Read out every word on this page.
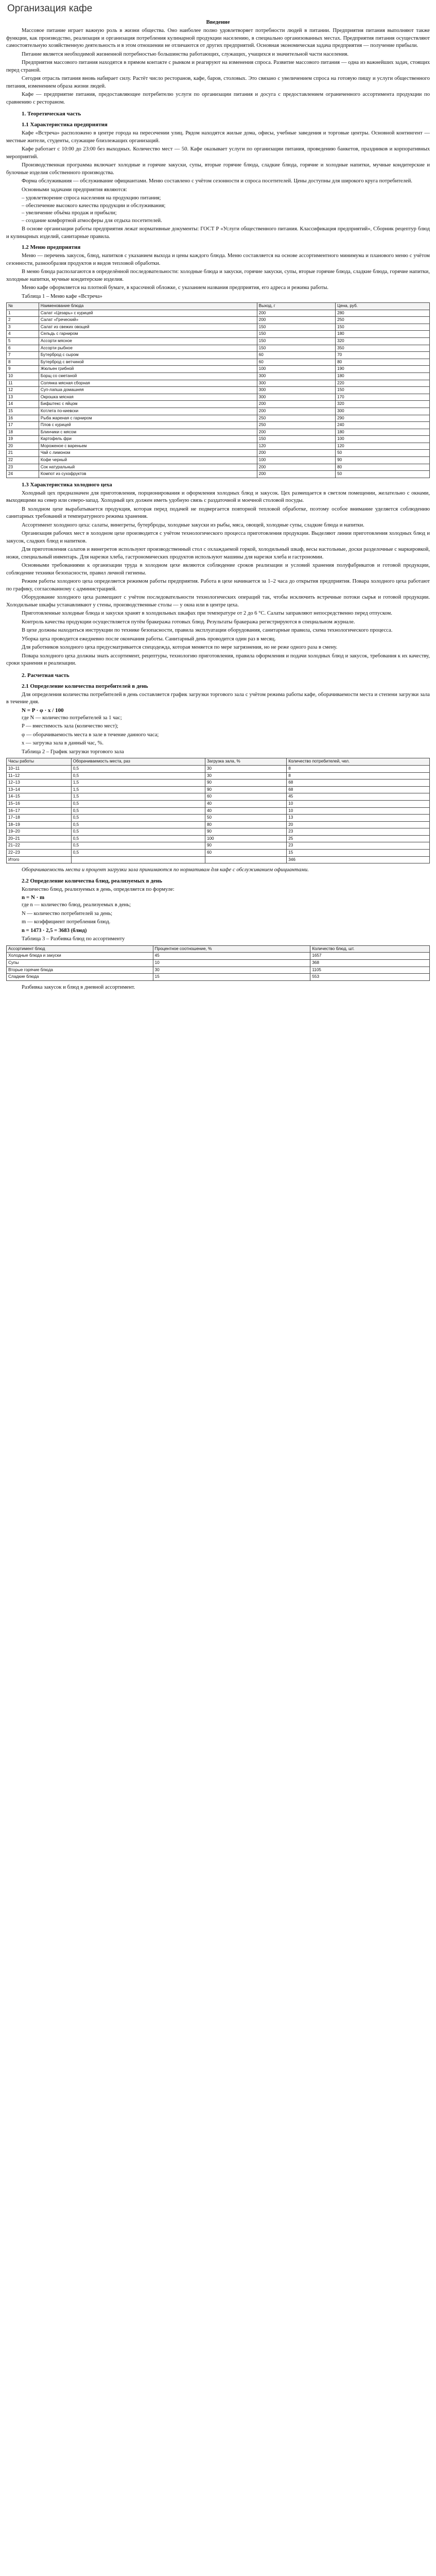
Организация кафе
Введение

Массовое питание играет важную роль в жизни общества. Оно наиболее полно удовлетворяет потребности людей в питании. Предприятия питания выполняют также функции, как производство, реализация и организация потребления кулинарной продукции населению, в специально организованных местах. Предприятия питания осуществляют самостоятельную хозяйственную деятельность и в этом отношении не отличаются от других предприятий. Основная экономическая задача предприятия — получение прибыли.

Питание является необходимой жизненной потребностью большинства работающих, служащих, учащихся и значительной части населения.

Предприятия массового питания находятся в прямом контакте с рынком и реагируют на изменения спроса. Развитие массового питания — одна из важнейших задач, стоящих перед страной.

Сегодня отрасль питания вновь набирает силу. Растёт число ресторанов, кафе, баров, столовых. Это связано с увеличением спроса на готовую пищу и услуги общественного питания, изменением образа жизни людей.

Кафе — предприятие питания, предоставляющее потребителю услуги по организации питания и досуга с предоставлением ограниченного ассортимента продукции по сравнению с рестораном.

1. Теоретическая часть
1.1 Характеристика предприятия

Кафе «Встреча» расположено в центре города на пересечении улиц. Рядом находятся жилые дома, офисы, учебные заведения и торговые центры. Основной контингент — местные жители, студенты, служащие близлежащих организаций.

Кафе работает с 10:00 до 23:00 без выходных. Количество мест — 50. Кафе оказывает услуги по организации питания, проведению банкетов, праздников и корпоративных мероприятий.

Производственная программа включает холодные и горячие закуски, супы, вторые горячие блюда, сладкие блюда, горячие и холодные напитки, мучные кондитерские и булочные изделия собственного производства.

Форма обслуживания — обслуживание официантами. Меню составлено с учётом сезонности и спроса посетителей. Цены доступны для широкого круга потребителей.

Основными задачами предприятия являются:

– удовлетворение спроса населения на продукцию питания;
– обеспечение высокого качества продукции и обслуживания;
– увеличение объёма продаж и прибыли;
– создание комфортной атмосферы для отдыха посетителей.

В основе организации работы предприятия лежат нормативные документы: ГОСТ Р «Услуги общественного питания. Классификация предприятий», Сборник рецептур блюд и кулинарных изделий, санитарные правила.

1.2 Меню предприятия

Меню — перечень закусок, блюд, напитков с указанием выхода и цены каждого блюда. Меню составляется на основе ассортиментного минимума и планового меню с учётом сезонности, разнообразия продуктов и видов тепловой обработки.

В меню блюда располагаются в определённой последовательности: холодные блюда и закуски, горячие закуски, супы, вторые горячие блюда, сладкие блюда, горячие напитки, холодные напитки, мучные кондитерские изделия.

Меню кафе оформляется на плотной бумаге, в красочной обложке, с указанием названия предприятия, его адреса и режима работы.

Таблица 1 – Меню кафе «Встреча»
№	Наименование блюда	Выход, г	Цена, руб.
1	Салат «Цезарь» с курицей	200	280
2	Салат «Греческий»	200	250
3	Салат из свежих овощей	150	150
4	Сельдь с гарниром	150	180
5	Ассорти мясное	150	320
6	Ассорти рыбное	150	350
7	Бутерброд с сыром	60	70
8	Бутерброд с ветчиной	60	80
9	Жюльен грибной	100	190
10	Борщ со сметаной	300	180
11	Солянка мясная сборная	300	220
12	Суп-лапша домашняя	300	150
13	Окрошка мясная	300	170
14	Бифштекс с яйцом	200	320
15	Котлета по-киевски	200	300
16	Рыба жареная с гарниром	250	290
17	Плов с курицей	250	240
18	Блинчики с мясом	200	180
19	Картофель фри	150	100
20	Мороженое с вареньем	120	120
21	Чай с лимоном	200	50
22	Кофе черный	100	90
23	Сок натуральный	200	80
24	Компот из сухофруктов	200	50
1.3 Характеристика холодного цеха

Холодный цех предназначен для приготовления, порционирования и оформления холодных блюд и закусок. Цех размещается в светлом помещении, желательно с окнами, выходящими на север или северо-запад. Холодный цех должен иметь удобную связь с раздаточной и моечной столовой посуды.

В холодном цехе вырабатывается продукция, которая перед подачей не подвергается повторной тепловой обработке, поэтому особое внимание уделяется соблюдению санитарных требований и температурного режима хранения.

Ассортимент холодного цеха: салаты, винегреты, бутерброды, холодные закуски из рыбы, мяса, овощей, холодные супы, сладкие блюда и напитки.

Организация рабочих мест в холодном цехе производится с учётом технологического процесса приготовления продукции. Выделяют линии приготовления холодных блюд и закусок, сладких блюд и напитков.

Для приготовления салатов и винегретов используют производственный стол с охлаждаемой горкой, холодильный шкаф, весы настольные, доски разделочные с маркировкой, ножи, специальный инвентарь. Для нарезки хлеба, гастрономических продуктов используют машины для нарезки хлеба и гастрономии.

Основными требованиями к организации труда в холодном цехе являются соблюдение сроков реализации и условий хранения полуфабрикатов и готовой продукции, соблюдение техники безопасности, правил личной гигиены.

Режим работы холодного цеха определяется режимом работы предприятия. Работа в цехе начинается за 1–2 часа до открытия предприятия. Повара холодного цеха работают по графику, согласованному с администрацией.

Оборудование холодного цеха размещают с учётом последовательности технологических операций так, чтобы исключить встречные потоки сырья и готовой продукции. Холодильные шкафы устанавливают у стены, производственные столы — у окна или в центре цеха.

Приготовленные холодные блюда и закуски хранят в холодильных шкафах при температуре от 2 до 6 °С. Салаты заправляют непосредственно перед отпуском.

Контроль качества продукции осуществляется путём бракеража готовых блюд. Результаты бракеража регистрируются в специальном журнале.

В цехе должны находиться инструкции по технике безопасности, правила эксплуатации оборудования, санитарные правила, схема технологического процесса.

Уборка цеха проводится ежедневно после окончания работы. Санитарный день проводится один раз в месяц.

Для работников холодного цеха предусматривается спецодежда, которая меняется по мере загрязнения, но не реже одного раза в смену.

Повара холодного цеха должны знать ассортимент, рецептуры, технологию приготовления, правила оформления и подачи холодных блюд и закусок, требования к их качеству, сроки хранения и реализации.

2. Расчетная часть
2.1 Определение количества потребителей в день

Для определения количества потребителей в день составляется график загрузки торгового зала с учётом режима работы кафе, оборачиваемости места и степени загрузки зала в течение дня.

N = P · φ · x / 100

где N — количество потребителей за 1 час;

P — вместимость зала (количество мест);

φ — оборачиваемость места в зале в течение данного часа;

x — загрузка зала в данный час, %.

Таблица 2 – График загрузки торгового зала
Часы работы	Оборачиваемость места, раз	Загрузка зала, %	Количество потребителей, чел.
10–11	0,5	30	8
11–12	0,5	30	8
12–13	1,5	90	68
13–14	1,5	90	68
14–15	1,5	60	45
15–16	0,5	40	10
16–17	0,5	40	10
17–18	0,5	50	13
18–19	0,5	80	20
19–20	0,5	90	23
20–21	0,5	100	25
21–22	0,5	90	23
22–23	0,5	60	15
Итого			346

Оборачиваемость места и процент загрузки зала принимаются по нормативам для кафе с обслуживанием официантами.

2.2 Определение количества блюд, реализуемых в день

Количество блюд, реализуемых в день, определяется по формуле:

n = N · m

где n — количество блюд, реализуемых в день;

N — количество потребителей за день;

m — коэффициент потребления блюд.

n = 1473 · 2,5 = 3683 (блюд)

Таблица 3 – Разбивка блюд по ассортименту
Ассортимент блюд	Процентное соотношение, %	Количество блюд, шт.
Холодные блюда и закуски	45	1657
Супы	10	368
Вторые горячие блюда	30	1105
Сладкие блюда	15	553

Разбивка закусок и блюд в дневной ассортимент.
